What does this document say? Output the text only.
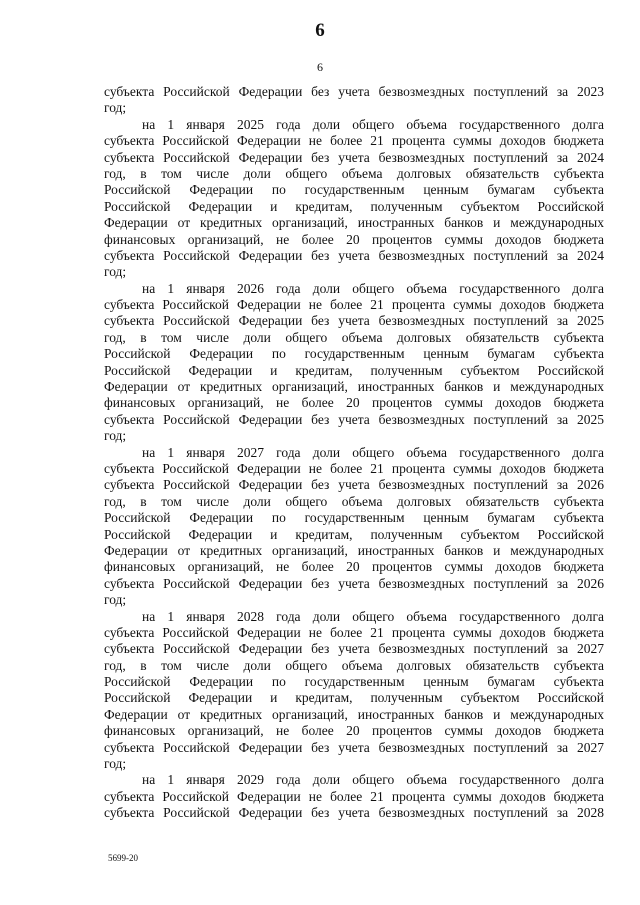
6
6
субъекта Российской Федерации без учета безвозмездных поступлений за 2023
год;
на 1 января 2025 года доли общего объема государственного долга
субъекта Российской Федерации не более 21 процента суммы доходов бюджета
субъекта Российской Федерации без учета безвозмездных поступлений за 2024
год, в том числе доли общего объема долговых обязательств субъекта
Российской Федерации по государственным ценным бумагам субъекта
Российской Федерации и кредитам, полученным субъектом Российской
Федерации от кредитных организаций, иностранных банков и международных
финансовых организаций, не более 20 процентов суммы доходов бюджета
субъекта Российской Федерации без учета безвозмездных поступлений за 2024
год;
на 1 января 2026 года доли общего объема государственного долга
субъекта Российской Федерации не более 21 процента суммы доходов бюджета
субъекта Российской Федерации без учета безвозмездных поступлений за 2025
год, в том числе доли общего объема долговых обязательств субъекта
Российской Федерации по государственным ценным бумагам субъекта
Российской Федерации и кредитам, полученным субъектом Российской
Федерации от кредитных организаций, иностранных банков и международных
финансовых организаций, не более 20 процентов суммы доходов бюджета
субъекта Российской Федерации без учета безвозмездных поступлений за 2025
год;
на 1 января 2027 года доли общего объема государственного долга
субъекта Российской Федерации не более 21 процента суммы доходов бюджета
субъекта Российской Федерации без учета безвозмездных поступлений за 2026
год, в том числе доли общего объема долговых обязательств субъекта
Российской Федерации по государственным ценным бумагам субъекта
Российской Федерации и кредитам, полученным субъектом Российской
Федерации от кредитных организаций, иностранных банков и международных
финансовых организаций, не более 20 процентов суммы доходов бюджета
субъекта Российской Федерации без учета безвозмездных поступлений за 2026
год;
на 1 января 2028 года доли общего объема государственного долга
субъекта Российской Федерации не более 21 процента суммы доходов бюджета
субъекта Российской Федерации без учета безвозмездных поступлений за 2027
год, в том числе доли общего объема долговых обязательств субъекта
Российской Федерации по государственным ценным бумагам субъекта
Российской Федерации и кредитам, полученным субъектом Российской
Федерации от кредитных организаций, иностранных банков и международных
финансовых организаций, не более 20 процентов суммы доходов бюджета
субъекта Российской Федерации без учета безвозмездных поступлений за 2027
год;
на 1 января 2029 года доли общего объема государственного долга
субъекта Российской Федерации не более 21 процента суммы доходов бюджета
субъекта Российской Федерации без учета безвозмездных поступлений за 2028
5699-20
